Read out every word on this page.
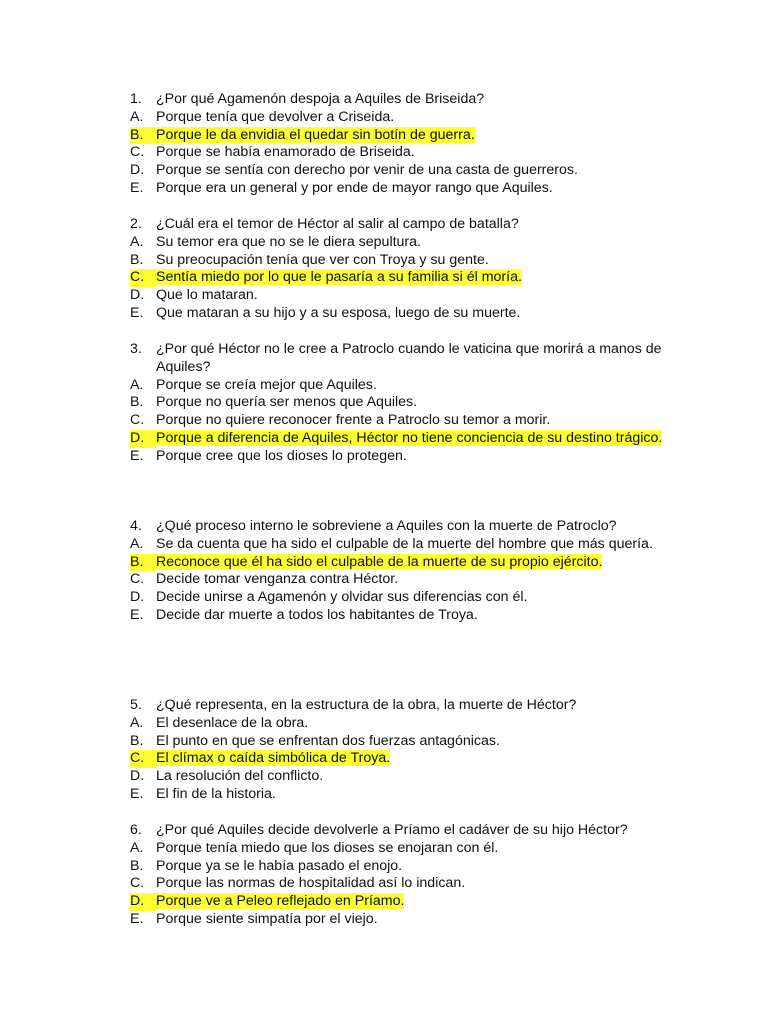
1. ¿Por qué Agamenón despoja a Aquiles de Briseida?
A. Porque tenía que devolver a Criseida.
B. Porque le da envidia el quedar sin botín de guerra.
C. Porque se había enamorado de Briseida.
D. Porque se sentía con derecho por venir de una casta de guerreros.
E. Porque era un general y por ende de mayor rango que Aquiles.
2. ¿Cuál era el temor de Héctor al salir al campo de batalla?
A. Su temor era que no se le diera sepultura.
B. Su preocupación tenía que ver con Troya y su gente.
C. Sentía miedo por lo que le pasaría a su familia si él moría.
D. Que lo mataran.
E. Que mataran a su hijo y a su esposa, luego de su muerte.
3. ¿Por qué Héctor no le cree a Patroclo cuando le vaticina que morirá a manos de Aquiles?
A. Porque se creía mejor que Aquiles.
B. Porque no quería ser menos que Aquiles.
C. Porque no quiere reconocer frente a Patroclo su temor a morir.
D. Porque a diferencia de Aquiles, Héctor no tiene conciencia de su destino trágico.
E. Porque cree que los dioses lo protegen.
4. ¿Qué proceso interno le sobreviene a Aquiles con la muerte de Patroclo?
A. Se da cuenta que ha sido el culpable de la muerte del hombre que más quería.
B. Reconoce que él ha sido el culpable de la muerte de su propio ejército.
C. Decide tomar venganza contra Héctor.
D. Decide unirse a Agamenón y olvidar sus diferencias con él.
E. Decide dar muerte a todos los habitantes de Troya.
5. ¿Qué representa, en la estructura de la obra, la muerte de Héctor?
A. El desenlace de la obra.
B. El punto en que se enfrentan dos fuerzas antagónicas.
C. El clímax o caída simbólica de Troya.
D. La resolución del conflicto.
E. El fin de la historia.
6. ¿Por qué Aquiles decide devolverle a Príamo el cadáver de su hijo Héctor?
A. Porque tenía miedo que los dioses se enojaran con él.
B. Porque ya se le había pasado el enojo.
C. Porque las normas de hospitalidad así lo indican.
D. Porque ve a Peleo reflejado en Príamo.
E. Porque siente simpatía por el viejo.
